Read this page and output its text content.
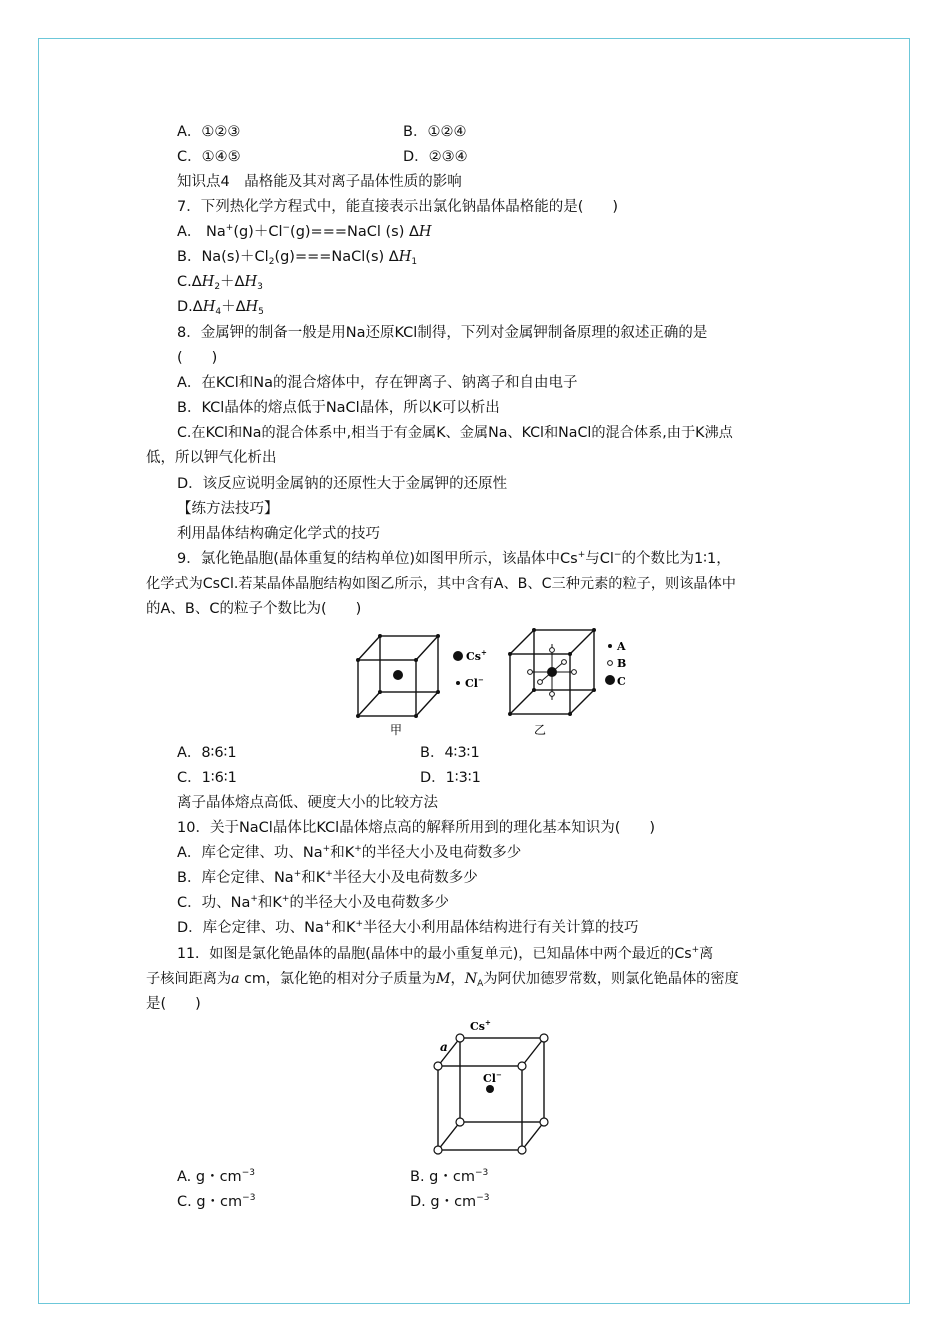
A．①②③	B．①②④
C．①④⑤	D．②③④
知识点4　晶格能及其对离子晶体性质的影响
7．下列热化学方程式中，能直接表示出氯化钠晶体晶格能的是(　　)
A． Na+(g)＋Cl−(g)===NaCl (s) ΔH
B．$Na(s)+Cl_2(g)===NaCl(s)$ $\Delta H_1$
$C.\Delta H_2+\Delta H_3$
$D.\Delta H_4+\Delta H_5$
8．金属钾的制备一般是用Na还原KCl制得，下列对金属钾制备原理的叙述正确的是
(　　)
A．在KCl和Na的混合熔体中，存在钾离子、钠离子和自由电子
B．KCl晶体的熔点低于NaCl晶体，所以K可以析出
C.在KCl和Na的混合体系中,相当于有金属K、金属Na、KCl和NaCl的混合体系,由于K沸点
低，所以钾气化析出
D．该反应说明金属钠的还原性大于金属钾的还原性
【练方法技巧】
利用晶体结构确定化学式的技巧
9．氯化铯晶胞(晶体重复的结构单位)如图甲所示，该晶体中Cs+与Cl−的个数比为1∶1，
化学式为CsCl.若某晶体晶胞结构如图乙所示，其中含有A、B、C三种元素的粒子，则该晶体中
的A、B、C的粒子个数比为(　　)
Cs+
Cl−
甲
A
B
C
乙
A．8∶6∶1	B．4∶3∶1
C．1∶6∶1	D．1∶3∶1
离子晶体熔点高低、硬度大小的比较方法
10．关于NaCl晶体比KCl晶体熔点高的解释所用到的理化基本知识为(　　)
A．库仑定律、功、Na+和K+的半径大小及电荷数多少
B．库仑定律、Na+和K+半径大小及电荷数多少
C．功、Na+和K+的半径大小及电荷数多少
D．库仑定律、功、Na+和K+半径大小利用晶体结构进行有关计算的技巧
11．如图是氯化铯晶体的晶胞(晶体中的最小重复单元)，已知晶体中两个最近的Cs+离
子核间距离为a cm，氯化铯的相对分子质量为M，$N_A$为阿伏加德罗常数，则氯化铯晶体的密度
是(　　)
Cs+
Cl−
a
A. g・$cm^{-3}$	B. g・$cm^{-3}$
C. g・$cm^{-3}$	D. g・$cm^{-3}$
